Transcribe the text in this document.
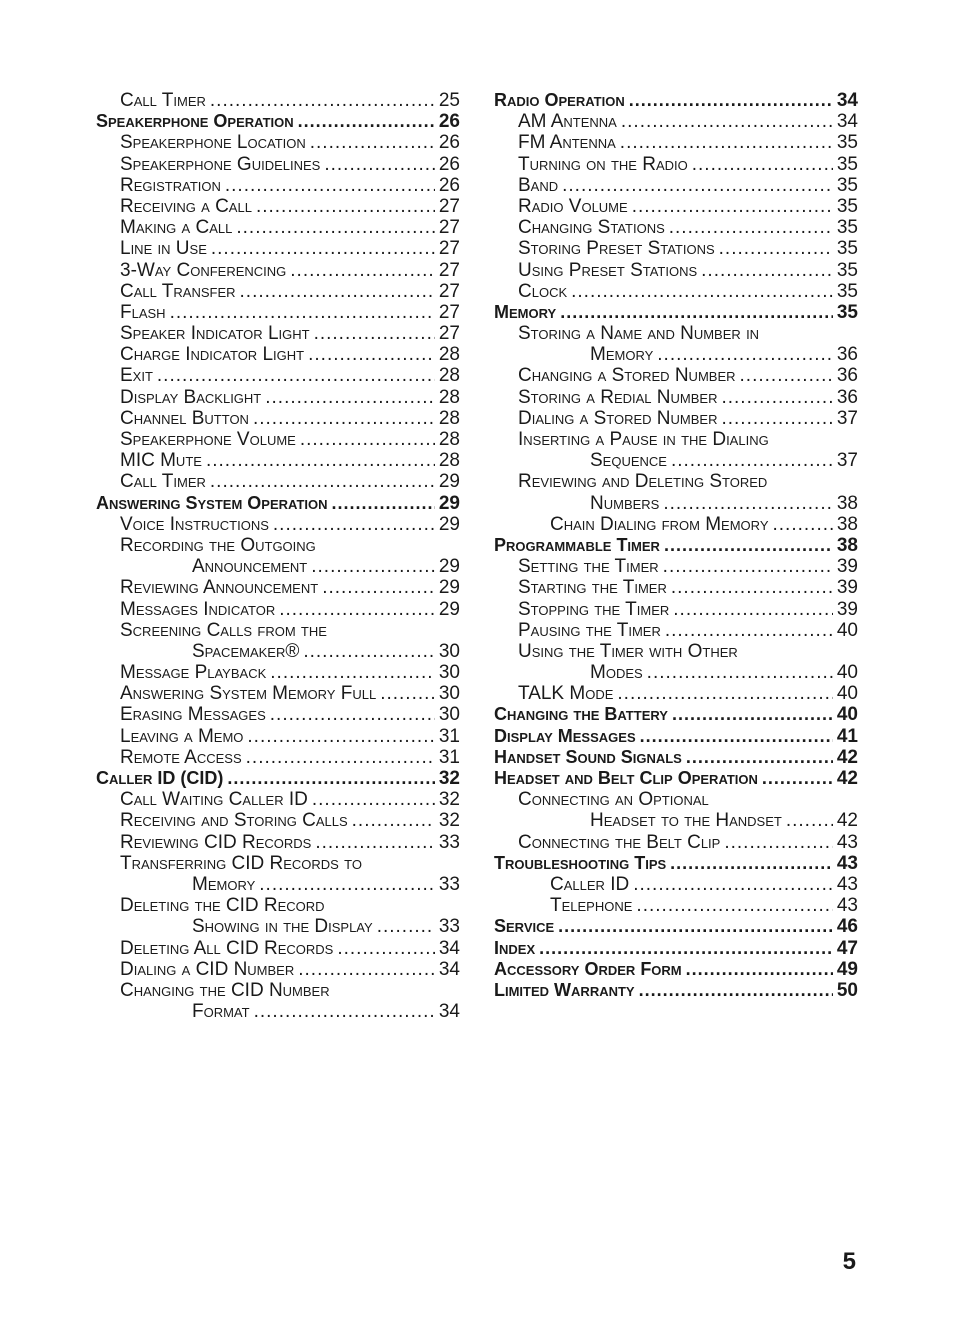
Call Timer .....	25
Speakerphone Operation .....	26
Speakerphone Location .....	26
Speakerphone Guidelines .....	26
Registration .....	26
Receiving a Call .....	27
Making a Call .....	27
Line in Use .....	27
3-Way Conferencing .....	27
Call Transfer .....	27
Flash .....	27
Speaker Indicator Light .....	27
Charge Indicator Light .....	28
Exit .....	28
Display Backlight .....	28
Channel Button .....	28
Speakerphone Volume .....	28
MIC Mute .....	28
Call Timer .....	29
Answering System Operation .....	29
Voice Instructions .....	29
Recording the Outgoing
Announcement .....	29
Reviewing Announcement .....	29
Messages Indicator .....	29
Screening Calls from the
Spacemaker® .....	30
Message Playback .....	30
Answering System Memory Full .....	30
Erasing Messages .....	30
Leaving a Memo .....	31
Remote Access .....	31
Caller ID (CID) .....	32
Call Waiting Caller ID .....	32
Receiving and Storing Calls .....	32
Reviewing CID Records .....	33
Transferring CID Records to
Memory .....	33
Deleting the CID Record
Showing in the Display .....	33
Deleting All CID Records .....	34
Dialing a CID Number .....	34
Changing the CID Number
Format .....	34
Radio Operation .....	34
AM Antenna .....	34
FM Antenna .....	35
Turning on the Radio .....	35
Band .....	35
Radio Volume .....	35
Changing Stations .....	35
Storing Preset Stations .....	35
Using Preset Stations .....	35
Clock .....	35
Memory .....	35
Storing a Name and Number in
Memory .....	36
Changing a Stored Number .....	36
Storing a Redial Number .....	36
Dialing a Stored Number .....	37
Inserting a Pause in the Dialing
Sequence .....	37
Reviewing and Deleting Stored
Numbers .....	38
Chain Dialing from Memory .....	38
Programmable Timer .....	38
Setting the Timer .....	39
Starting the Timer .....	39
Stopping the Timer .....	39
Pausing the Timer .....	40
Using the Timer with Other
Modes .....	40
TALK Mode .....	40
Changing the Battery .....	40
Display Messages .....	41
Handset Sound Signals .....	42
Headset and Belt Clip Operation .....	42
Connecting an Optional
Headset to the Handset .....	42
Connecting the Belt Clip .....	43
Troubleshooting Tips .....	43
Caller ID .....	43
Telephone .....	43
Service .....	46
Index .....	47
Accessory Order Form .....	49
Limited Warranty .....	50
5
